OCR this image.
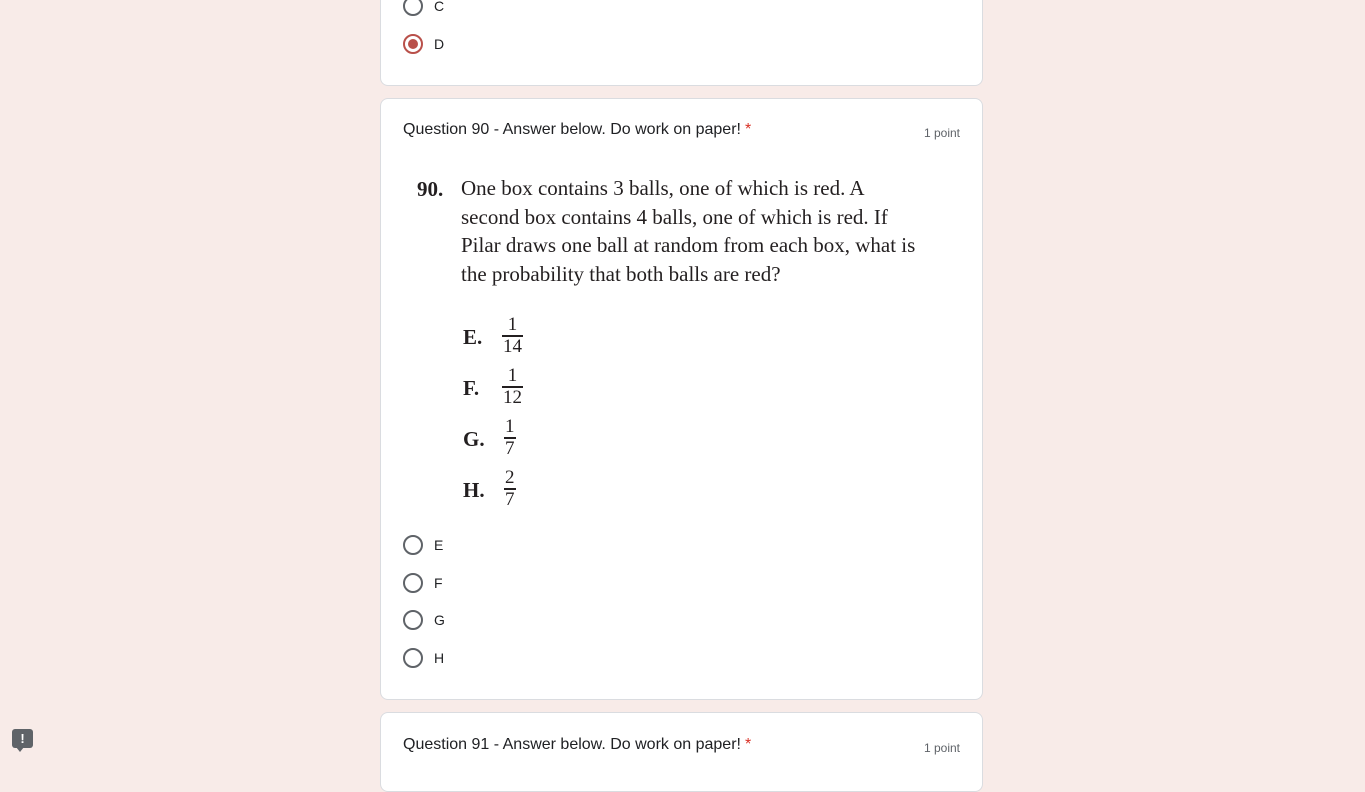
C
D
Question 90 - Answer below. Do work on paper! *	1 point
90. One box contains 3 balls, one of which is red. A second box contains 4 balls, one of which is red. If Pilar draws one ball at random from each box, what is the probability that both balls are red?
E.
1
14
F.
1
12
G.
1
7
H.
2
7
E
F
G
H
Question 91 - Answer below. Do work on paper! *	1 point
!
